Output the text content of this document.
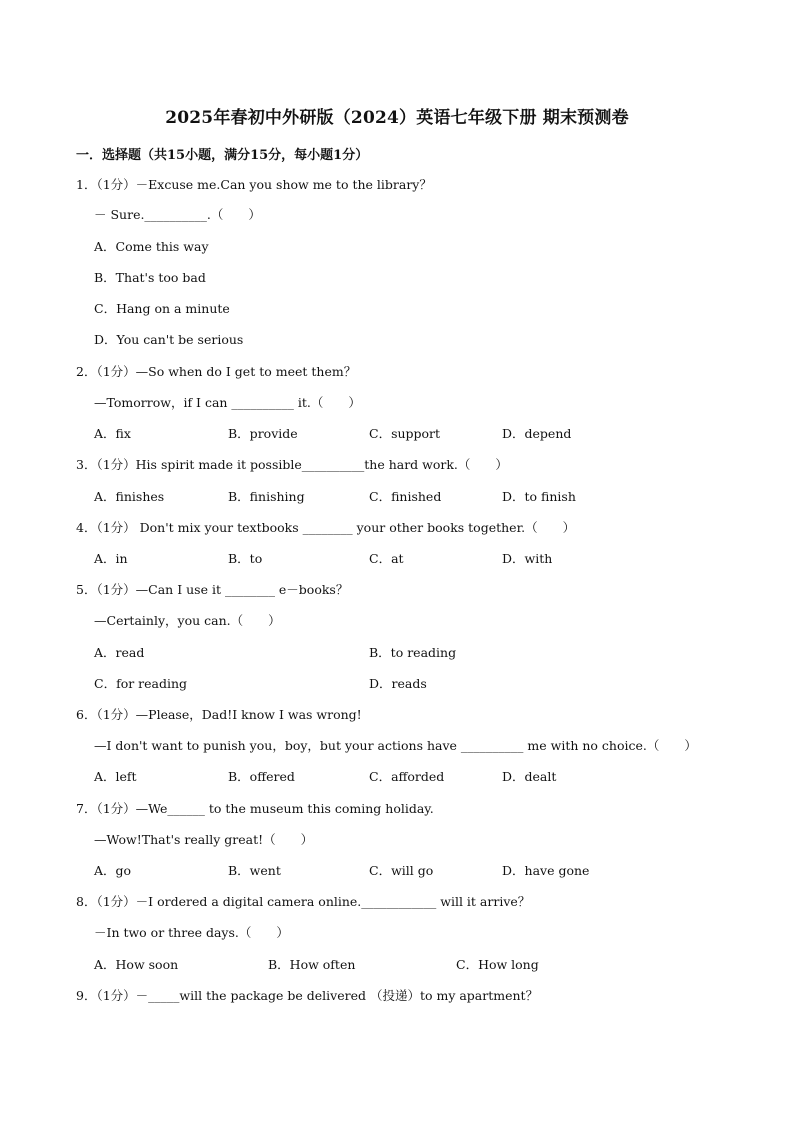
2025年春初中外研版（2024）英语七年级下册 期末预测卷
一．选择题（共15小题，满分15分，每小题1分）
1．（1分）－Excuse me.Can you show me to the library？
－ Sure.__________.（　　）
A．Come this way
B．That's too bad
C．Hang on a minute
D．You can't be serious
2．（1分）—So when do I get to meet them？
—Tomorrow，if I can __________ it.（　　）
A．fix	B．provide	C．support	D．depend
3．（1分）His spirit made it possible__________the hard work.（　　）
A．finishes	B．finishing	C．finished	D．to finish
4．（1分） Don't mix your textbooks ________ your other books together.（　　）
A．in	B．to	C．at	D．with
5．（1分）—Can I use it ________ e－books？
—Certainly，you can.（　　）
A．read	B．to reading
C．for reading	D．reads
6．（1分）—Please，Dad!I know I was wrong!
—I don't want to punish you，boy，but your actions have __________ me with no choice.（　　）
A．left	B．offered	C．afforded	D．dealt
7．（1分）—We______ to the museum this coming holiday.
—Wow!That's really great!（　　）
A．go	B．went	C．will go	D．have gone
8．（1分）－I ordered a digital camera online.____________ will it arrive？
－In two or three days.（　　）
A．How soon	B．How often	C．How long
9．（1分）－_____will the package be delivered （投递）to my apartment？
